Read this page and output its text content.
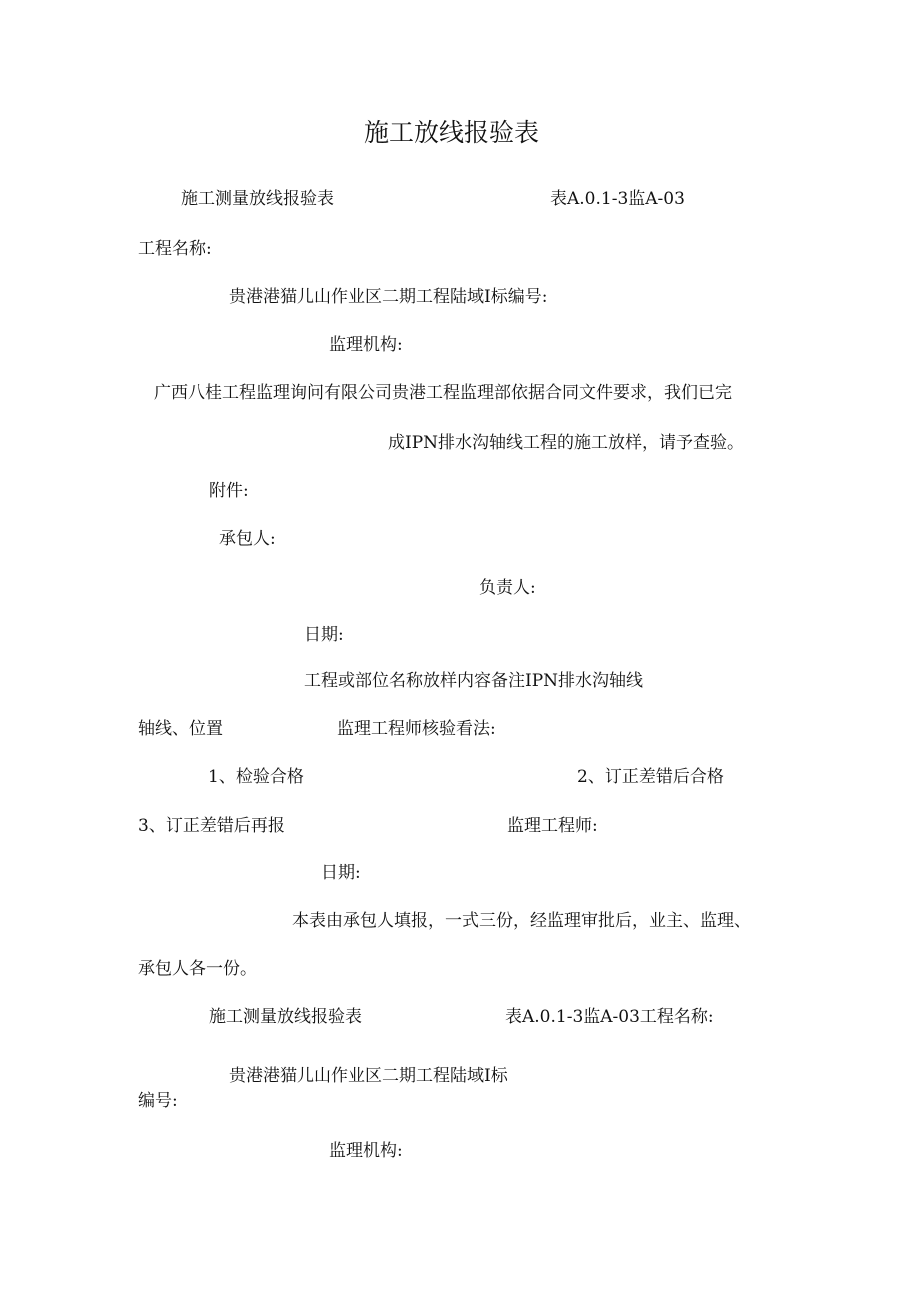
施工放线报验表
施工测量放线报验表	表A.0.1-3监A-03
工程名称:
贵港港猫儿山作业区二期工程陆域Ⅰ标编号:
监理机构:
广西八桂工程监理询问有限公司贵港工程监理部依据合同文件要求，我们已完
成IPN排水沟轴线工程的施工放样，请予查验。
附件:
承包人:
负责人:
日期:
工程或部位名称放样内容备注IPN排水沟轴线
轴线、位置	监理工程师核验看法:
1、检验合格	2、订正差错后合格
3、订正差错后再报	监理工程师:
日期:
本表由承包人填报，一式三份，经监理审批后，业主、监理、
承包人各一份。
施工测量放线报验表	表A.0.1-3监A-03工程名称:
贵港港猫儿山作业区二期工程陆域Ⅰ标
编号:
监理机构:
